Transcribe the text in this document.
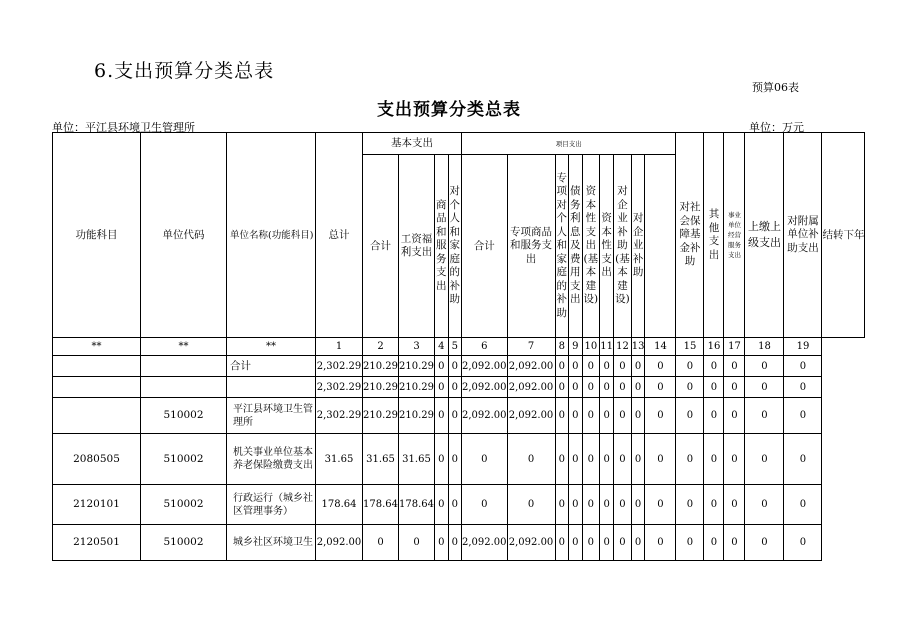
6.支出预算分类总表
预算06表
支出预算分类总表
单位：平江县环境卫生管理所	单位：万元
功能科目	单位代码	单位名称(功能科目)	总计	基本支出				项目支出									对社会保障基金补助	其他支出	事业单位经营服务支出	上缴上级支出	对附属单位补助支出	结转下年
				合计	工资福利支出	商品和服务支出	对个人和家庭的补助	合计	专项商品和服务支出	专项对个人和家庭的补助	债务利息及费用支出	资本性支出(基本建设)	资本性支出	对企业补助(基本建设)	对企业补助							
**	**	**	1	2	3	4	5	6	7	8	9	10	11	12	13	14	15	16	17	18	19	
		合计	2,302.29	210.29	210.29	0	0	2,092.00	2,092.00	0	0	0	0	0	0	0	0	0	0	0	0	
			2,302.29	210.29	210.29	0	0	2,092.00	2,092.00	0	0	0	0	0	0	0	0	0	0	0	0	
	510002	平江县环境卫生管理所	2,302.29	210.29	210.29	0	0	2,092.00	2,092.00	0	0	0	0	0	0	0	0	0	0	0	0	
2080505	510002	机关事业单位基本养老保险缴费支出	31.65	31.65	31.65	0	0	0	0	0	0	0	0	0	0	0	0	0	0	0	0	
2120101	510002	行政运行（城乡社区管理事务）	178.64	178.64	178.64	0	0	0	0	0	0	0	0	0	0	0	0	0	0	0	0	
2120501	510002	城乡社区环境卫生	2,092.00	0	0	0	0	2,092.00	2,092.00	0	0	0	0	0	0	0	0	0	0	0	0	
